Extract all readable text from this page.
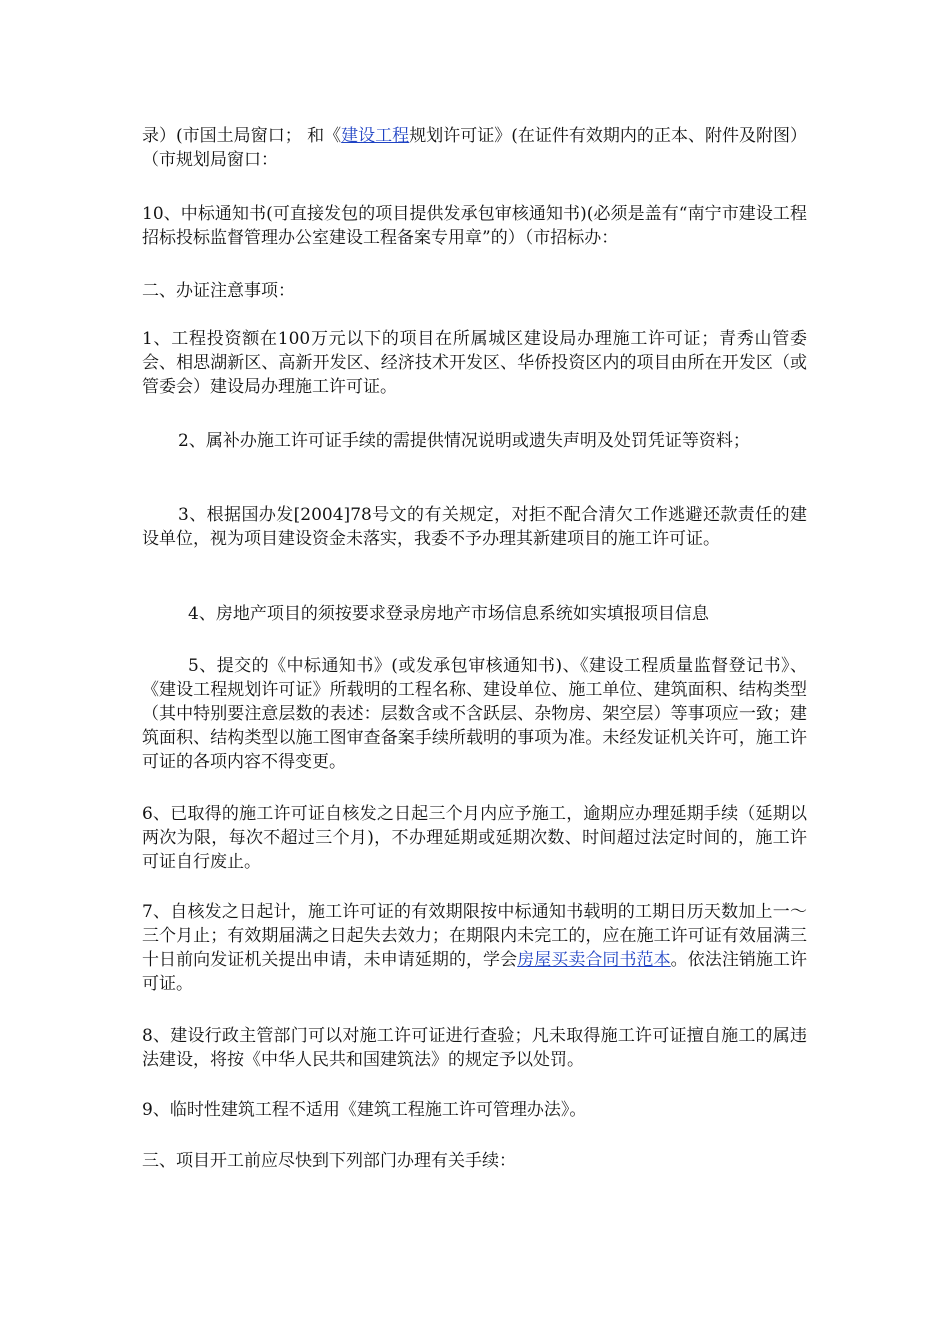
录）(市国土局窗口； 和《建设工程规划许可证》(在证件有效期内的正本、附件及附图）（市规划局窗口：

10、中标通知书(可直接发包的项目提供发承包审核通知书)(必须是盖有“南宁市建设工程招标投标监督管理办公室建设工程备案专用章”的）（市招标办：

二、办证注意事项：

1、工程投资额在100万元以下的项目在所属城区建设局办理施工许可证；青秀山管委会、相思湖新区、高新开发区、经济技术开发区、华侨投资区内的项目由所在开发区（或管委会）建设局办理施工许可证。

2、属补办施工许可证手续的需提供情况说明或遗失声明及处罚凭证等资料；

3、根据国办发[2004]78号文的有关规定，对拒不配合清欠工作逃避还款责任的建设单位，视为项目建设资金未落实，我委不予办理其新建项目的施工许可证。

4、房地产项目的须按要求登录房地产市场信息系统如实填报项目信息

5、提交的《中标通知书》(或发承包审核通知书)、《建设工程质量监督登记书》、《建设工程规划许可证》所载明的工程名称、建设单位、施工单位、建筑面积、结构类型（其中特别要注意层数的表述：层数含或不含跃层、杂物房、架空层）等事项应一致；建筑面积、结构类型以施工图审查备案手续所载明的事项为准。未经发证机关许可，施工许可证的各项内容不得变更。

6、已取得的施工许可证自核发之日起三个月内应予施工，逾期应办理延期手续（延期以两次为限，每次不超过三个月)，不办理延期或延期次数、时间超过法定时间的，施工许可证自行废止。

7、自核发之日起计，施工许可证的有效期限按中标通知书载明的工期日历天数加上一～三个月止；有效期届满之日起失去效力；在期限内未完工的，应在施工许可证有效届满三十日前向发证机关提出申请，未申请延期的，学会房屋买卖合同书范本。依法注销施工许可证。

8、建设行政主管部门可以对施工许可证进行查验；凡未取得施工许可证擅自施工的属违法建设，将按《中华人民共和国建筑法》的规定予以处罚。

9、临时性建筑工程不适用《建筑工程施工许可管理办法》。

三、项目开工前应尽快到下列部门办理有关手续：
